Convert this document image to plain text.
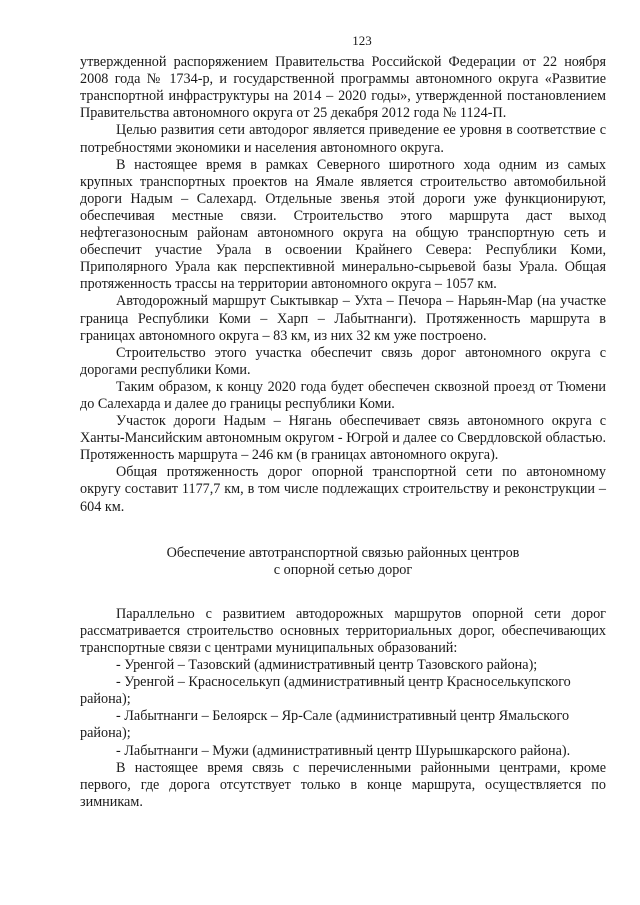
123

утвержденной распоряжением Правительства Российской Федерации от 22 ноября 2008 года № 1734-р, и государственной программы автономного округа «Развитие транспортной инфраструктуры на 2014 – 2020 годы», утвержденной постановлением Правительства автономного округа от 25 декабря 2012 года № 1124-П.

Целью развития сети автодорог является приведение ее уровня в соответствие с потребностями экономики и населения автономного округа.

В настоящее время в рамках Северного широтного хода одним из самых крупных транспортных проектов на Ямале является строительство автомобильной дороги Надым – Салехард. Отдельные звенья этой дороги уже функционируют, обеспечивая местные связи. Строительство этого маршрута даст выход нефтегазоносным районам автономного округа на общую транспортную сеть и обеспечит участие Урала в освоении Крайнего Севера: Республики Коми, Приполярного Урала как перспективной минерально-сырьевой базы Урала. Общая протяженность трассы на территории автономного округа – 1057 км.

Автодорожный маршрут Сыктывкар – Ухта – Печора – Нарьян-Мар (на участке граница Республики Коми – Харп – Лабытнанги). Протяженность маршрута в границах автономного округа – 83 км, из них 32 км уже построено.

Строительство этого участка обеспечит связь дорог автономного округа с дорогами республики Коми.

Таким образом, к концу 2020 года будет обеспечен сквозной проезд от Тюмени до Салехарда и далее до границы республики Коми.

Участок дороги Надым – Нягань обеспечивает связь автономного округа с Ханты-Мансийским автономным округом - Югрой и далее со Свердловской областью. Протяженность маршрута – 246 км (в границах автономного округа).

Общая протяженность дорог опорной транспортной сети по автономному округу составит 1177,7 км, в том числе подлежащих строительству и реконструкции – 604 км.

Обеспечение автотранспортной связью районных центров
с опорной сетью дорог

Параллельно с развитием автодорожных маршрутов опорной сети дорог рассматривается строительство основных территориальных дорог, обеспечивающих транспортные связи с центрами муниципальных образований:

- Уренгой – Тазовский (административный центр Тазовского района);

- Уренгой – Красноселькуп (административный центр Красноселькупского района);

- Лабытнанги – Белоярск – Яр-Сале (административный центр Ямальского района);

- Лабытнанги – Мужи (административный центр Шурышкарского района).

В настоящее время связь с перечисленными районными центрами, кроме первого, где дорога отсутствует только в конце маршрута, осуществляется по зимникам.
